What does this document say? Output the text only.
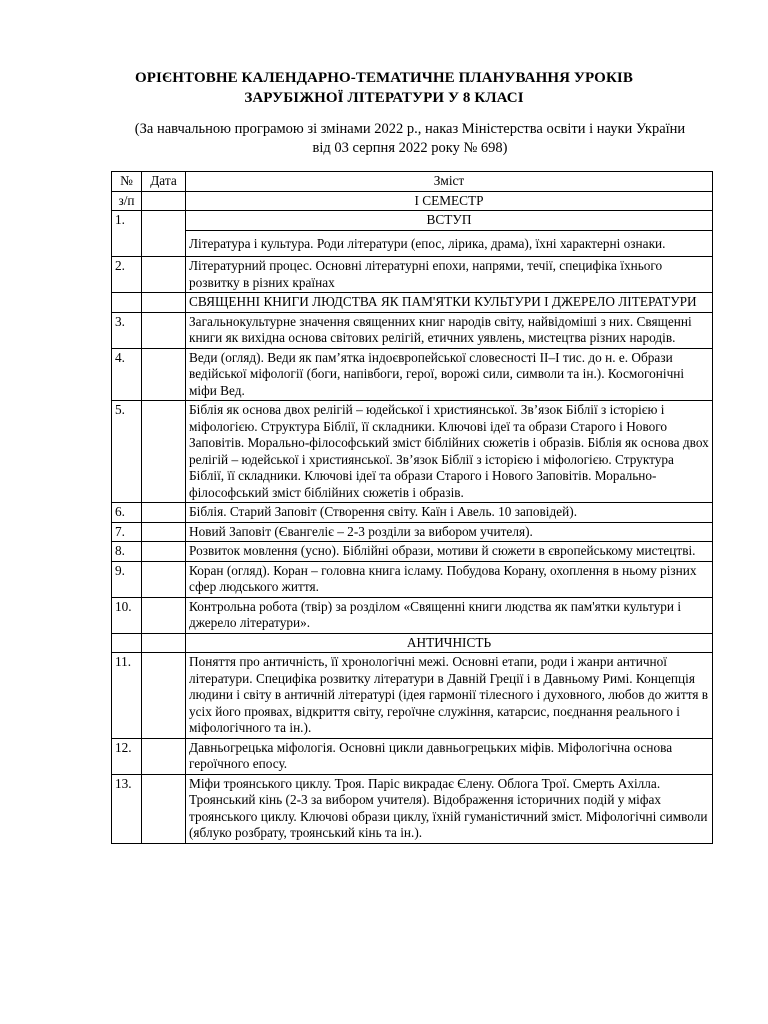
ОРІЄНТОВНЕ КАЛЕНДАРНО-ТЕМАТИЧНЕ ПЛАНУВАННЯ УРОКІВ
ЗАРУБІЖНОЇ ЛІТЕРАТУРИ У 8 КЛАСІ
(За навчальною програмою зі змінами 2022 р., наказ Міністерства освіти і науки України
від 03 серпня 2022 року № 698)
№	Дата	Зміст
з/п		I СЕМЕСТР
1.		ВСТУП
		Література і культура. Роди літератури (епос, лірика, драма), їхні характерні ознаки.
2.		Літературний процес. Основні літературні епохи, напрями, течії, специфіка їхнього розвитку в різних країнах
		СВЯЩЕННІ КНИГИ ЛЮДСТВА ЯК ПАМ'ЯТКИ КУЛЬТУРИ І ДЖЕРЕЛО ЛІТЕРАТУРИ
3.		Загальнокультурне значення священних книг народів світу, найвідоміші з них. Священні книги як вихідна основа світових релігій, етичних уявлень, мистецтва різних народів.
4.		Веди (огляд). Веди як пам’ятка індоєвропейської словесності ІІ–І тис. до н. е. Образи ведійської міфології (боги, напівбоги, герої, ворожі сили, символи та ін.). Космогонічні міфи Вед.
5.		Біблія як основа двох релігій – юдейської і християнської. Зв’язок Біблії з історією і міфологією. Структура Біблії, її складники. Ключові ідеї та образи Старого і Нового Заповітів. Морально-філософський зміст біблійних сюжетів і образів. Біблія як основа двох релігій – юдейської і християнської. Зв’язок Біблії з історією і міфологією. Структура Біблії, її складники. Ключові ідеї та образи Старого і Нового Заповітів. Морально-філософський зміст біблійних сюжетів і образів.
6.		Біблія. Старий Заповіт (Створення світу. Каїн і Авель. 10 заповідей).
7.		Новий Заповіт (Євангеліє – 2-3 розділи за вибором учителя).
8.		Розвиток мовлення (усно). Біблійні образи, мотиви й сюжети в європейському мистецтві.
9.		Коран (огляд). Коран – головна книга ісламу. Побудова Корану, охоплення в ньому різних сфер людського життя.
10.		Контрольна робота (твір) за розділом «Священні книги людства як пам'ятки культури і джерело літератури».
		АНТИЧНІСТЬ
11.		Поняття про античність, її хронологічні межі. Основні етапи, роди і жанри античної літератури. Специфіка розвитку літератури в Давній Греції і в Давньому Римі. Концепція людини і світу в античній літературі (ідея гармонії тілесного і духовного, любов до життя в усіх його проявах, відкриття світу, героїчне служіння, катарсис, поєднання реального і міфологічного та ін.).
12.		Давньогрецька міфологія. Основні цикли давньогрецьких міфів. Міфологічна основа героїчного епосу.
13.		Міфи троянського циклу. Троя. Паріс викрадає Єлену. Облога Трої. Смерть Ахілла. Троянський кінь (2-3 за вибором учителя). Відображення історичних подій у міфах троянського циклу. Ключові образи циклу, їхній гуманістичний зміст. Міфологічні символи (яблуко розбрату, троянський кінь та ін.).
